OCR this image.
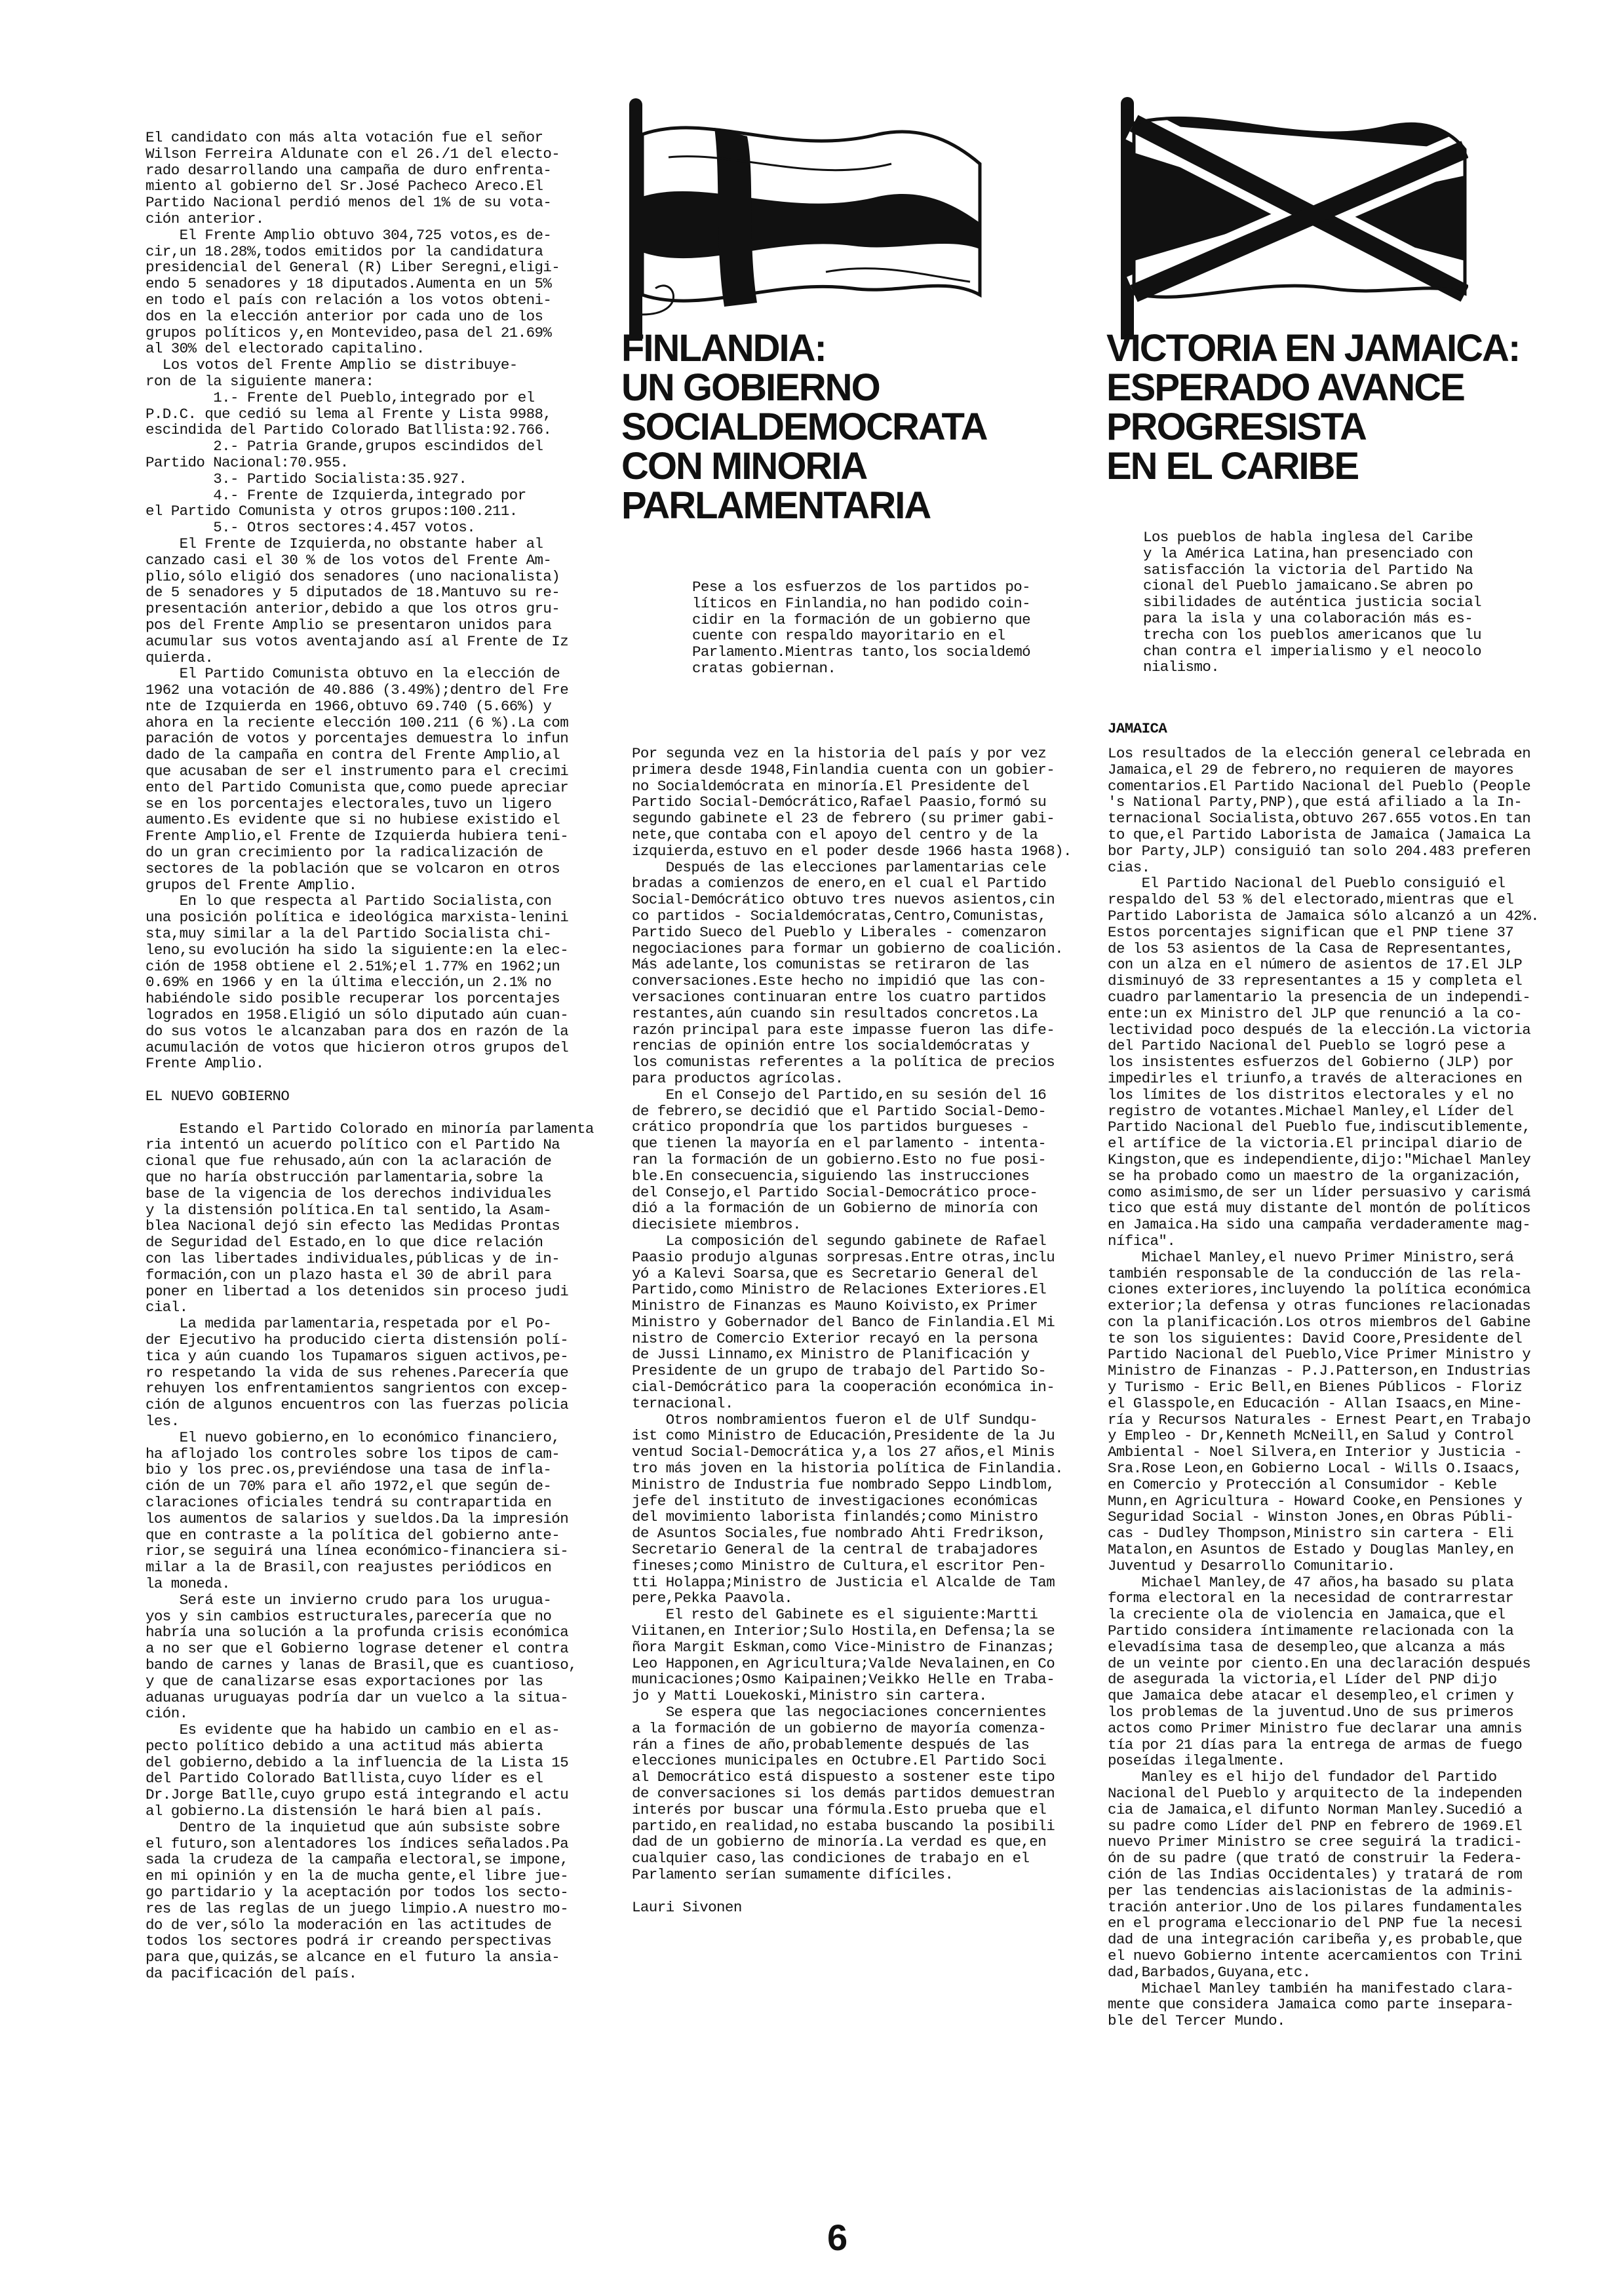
El candidato con más alta votación fue el señor

Wilson Ferreira Aldunate con el 26./1 del electo-

rado desarrollando una campaña de duro enfrenta-

miento al gobierno del Sr.José Pacheco Areco.El

Partido Nacional perdió menos del 1% de su vota-

ción anterior.

El Frente Amplio obtuvo 304,725 votos,es de-

cir,un 18.28%,todos emitidos por la candidatura

presidencial del General (R) Liber Seregni,eligi-

endo 5 senadores y 18 diputados.Aumenta en un 5%

en todo el país con relación a los votos obteni-

dos en la elección anterior por cada uno de los

grupos políticos y,en Montevideo,pasa del 21.69%

al 30% del electorado capitalino.

Los votos del Frente Amplio se distribuye-

ron de la siguiente manera:

1.- Frente del Pueblo,integrado por el

P.D.C. que cedió su lema al Frente y Lista 9988,

escindida del Partido Colorado Batllista:92.766.

2.- Patria Grande,grupos escindidos del

Partido Nacional:70.955.

3.- Partido Socialista:35.927.

4.- Frente de Izquierda,integrado por

el Partido Comunista y otros grupos:100.211.

5.- Otros sectores:4.457 votos.

El Frente de Izquierda,no obstante haber al

canzado casi el 30 % de los votos del Frente Am-

plio,sólo eligió dos senadores (uno nacionalista)

de 5 senadores y 5 diputados de 18.Mantuvo su re-

presentación anterior,debido a que los otros gru-

pos del Frente Amplio se presentaron unidos para

acumular sus votos aventajando así al Frente de Iz

quierda.

El Partido Comunista obtuvo en la elección de

1962 una votación de 40.886 (3.49%);dentro del Fre

nte de Izquierda en 1966,obtuvo 69.740 (5.66%) y

ahora en la reciente elección 100.211 (6 %).La com

paración de votos y porcentajes demuestra lo infun

dado de la campaña en contra del Frente Amplio,al

que acusaban de ser el instrumento para el crecimi

ento del Partido Comunista que,como puede apreciar

se en los porcentajes electorales,tuvo un ligero

aumento.Es evidente que si no hubiese existido el

Frente Amplio,el Frente de Izquierda hubiera teni-

do un gran crecimiento por la radicalización de

sectores de la población que se volcaron en otros

grupos del Frente Amplio.

En lo que respecta al Partido Socialista,con

una posición política e ideológica marxista-lenini

sta,muy similar a la del Partido Socialista chi-

leno,su evolución ha sido la siguiente:en la elec-

ción de 1958 obtiene el 2.51%;el 1.77% en 1962;un

0.69% en 1966 y en la última elección,un 2.1% no

habiéndole sido posible recuperar los porcentajes

logrados en 1958.Eligió un sólo diputado aún cuan-

do sus votos le alcanzaban para dos en razón de la

acumulación de votos que hicieron otros grupos del

Frente Amplio.

EL NUEVO GOBIERNO

Estando el Partido Colorado en minoría parlamenta

ria intentó un acuerdo político con el Partido Na

cional que fue rehusado,aún con la aclaración de

que no haría obstrucción parlamentaria,sobre la

base de la vigencia de los derechos individuales

y la distensión política.En tal sentido,la Asam-

blea Nacional dejó sin efecto las Medidas Prontas

de Seguridad del Estado,en lo que dice relación

con las libertades individuales,públicas y de in-

formación,con un plazo hasta el 30 de abril para

poner en libertad a los detenidos sin proceso judi

cial.

La medida parlamentaria,respetada por el Po-

der Ejecutivo ha producido cierta distensión polí-

tica y aún cuando los Tupamaros siguen activos,pe-

ro respetando la vida de sus rehenes.Parecería que

rehuyen los enfrentamientos sangrientos con excep-

ción de algunos encuentros con las fuerzas policia

les.

El nuevo gobierno,en lo económico financiero,

ha aflojado los controles sobre los tipos de cam-

bio y los prec.os,previéndose una tasa de infla-

ción de un 70% para el año 1972,el que según de-

claraciones oficiales tendrá su contrapartida en

los aumentos de salarios y sueldos.Da la impresión

que en contraste a la política del gobierno ante-

rior,se seguirá una línea económico-financiera si-

milar a la de Brasil,con reajustes periódicos en

la moneda.

Será este un invierno crudo para los urugua-

yos y sin cambios estructurales,parecería que no

habría una solución a la profunda crisis económica

a no ser que el Gobierno lograse detener el contra

bando de carnes y lanas de Brasil,que es cuantioso,

y que de canalizarse esas exportaciones por las

aduanas uruguayas podría dar un vuelco a la situa-

ción.

Es evidente que ha habido un cambio en el as-

pecto político debido a una actitud más abierta

del gobierno,debido a la influencia de la Lista 15

del Partido Colorado Batllista,cuyo líder es el

Dr.Jorge Batlle,cuyo grupo está integrando el actu

al gobierno.La distensión le hará bien al país.

Dentro de la inquietud que aún subsiste sobre

el futuro,son alentadores los índices señalados.Pa

sada la crudeza de la campaña electoral,se impone,

en mi opinión y en la de mucha gente,el libre jue-

go partidario y la aceptación por todos los secto-

res de las reglas de un juego limpio.A nuestro mo-

do de ver,sólo la moderación en las actitudes de

todos los sectores podrá ir creando perspectivas

para que,quizás,se alcance en el futuro la ansia-

da pacificación del país.

FINLANDIA:

UN GOBIERNO

SOCIALDEMOCRATA

CON MINORIA

PARLAMENTARIA

Pese a los esfuerzos de los partidos po-

líticos en Finlandia,no han podido coin-

cidir en la formación de un gobierno que

cuente con respaldo mayoritario en el

Parlamento.Mientras tanto,los socialdemó

cratas gobiernan.

Por segunda vez en la historia del país y por vez

primera desde 1948,Finlandia cuenta con un gobier-

no Socialdemócrata en minoría.El Presidente del

Partido Social-Demócrático,Rafael Paasio,formó su

segundo gabinete el 23 de febrero (su primer gabi-

nete,que contaba con el apoyo del centro y de la

izquierda,estuvo en el poder desde 1966 hasta 1968).

Después de las elecciones parlamentarias cele

bradas a comienzos de enero,en el cual el Partido

Social-Demócrático obtuvo tres nuevos asientos,cin

co partidos - Socialdemócratas,Centro,Comunistas,

Partido Sueco del Pueblo y Liberales - comenzaron

negociaciones para formar un gobierno de coalición.

Más adelante,los comunistas se retiraron de las

conversaciones.Este hecho no impidió que las con-

versaciones continuaran entre los cuatro partidos

restantes,aún cuando sin resultados concretos.La

razón principal para este impasse fueron las dife-

rencias de opinión entre los socialdemócratas y

los comunistas referentes a la política de precios

para productos agrícolas.

En el Consejo del Partido,en su sesión del 16

de febrero,se decidió que el Partido Social-Demo-

crático propondría que los partidos burgueses -

que tienen la mayoría en el parlamento - intenta-

ran la formación de un gobierno.Esto no fue posi-

ble.En consecuencia,siguiendo las instrucciones

del Consejo,el Partido Social-Democrático proce-

dió a la formación de un Gobierno de minoría con

diecisiete miembros.

La composición del segundo gabinete de Rafael

Paasio produjo algunas sorpresas.Entre otras,inclu

yó a Kalevi Soarsa,que es Secretario General del

Partido,como Ministro de Relaciones Exteriores.El

Ministro de Finanzas es Mauno Koivisto,ex Primer

Ministro y Gobernador del Banco de Finlandia.El Mi

nistro de Comercio Exterior recayó en la persona

de Jussi Linnamo,ex Ministro de Planificación y

Presidente de un grupo de trabajo del Partido So-

cial-Demócrático para la cooperación económica in-

ternacional.

Otros nombramientos fueron el de Ulf Sundqu-

ist como Ministro de Educación,Presidente de la Ju

ventud Social-Democrática y,a los 27 años,el Minis

tro más joven en la historia política de Finlandia.

Ministro de Industria fue nombrado Seppo Lindblom,

jefe del instituto de investigaciones económicas

del movimiento laborista finlandés;como Ministro

de Asuntos Sociales,fue nombrado Ahti Fredrikson,

Secretario General de la central de trabajadores

fineses;como Ministro de Cultura,el escritor Pen-

tti Holappa;Ministro de Justicia el Alcalde de Tam

pere,Pekka Paavola.

El resto del Gabinete es el siguiente:Martti

Viitanen,en Interior;Sulo Hostila,en Defensa;la se

ñora Margit Eskman,como Vice-Ministro de Finanzas;

Leo Happonen,en Agricultura;Valde Nevalainen,en Co

municaciones;Osmo Kaipainen;Veikko Helle en Traba-

jo y Matti Louekoski,Ministro sin cartera.

Se espera que las negociaciones concernientes

a la formación de un gobierno de mayoría comenza-

rán a fines de año,probablemente después de las

elecciones municipales en Octubre.El Partido Soci

al Democrático está dispuesto a sostener este tipo

de conversaciones si los demás partidos demuestran

interés por buscar una fórmula.Esto prueba que el

partido,en realidad,no estaba buscando la posibili

dad de un gobierno de minoría.La verdad es que,en

cualquier caso,las condiciones de trabajo en el

Parlamento serían sumamente difíciles.

Lauri Sivonen

VICTORIA EN JAMAICA:

ESPERADO AVANCE

PROGRESISTA

EN EL CARIBE

Los pueblos de habla inglesa del Caribe

y la América Latina,han presenciado con

satisfacción la victoria del Partido Na

cional del Pueblo jamaicano.Se abren po

sibilidades de auténtica justicia social

para la isla y una colaboración más es-

trecha con los pueblos americanos que lu

chan contra el imperialismo y el neocolo

nialismo.

JAMAICA

Los resultados de la elección general celebrada en

Jamaica,el 29 de febrero,no requieren de mayores

comentarios.El Partido Nacional del Pueblo (People

's National Party,PNP),que está afiliado a la In-

ternacional Socialista,obtuvo 267.655 votos.En tan

to que,el Partido Laborista de Jamaica (Jamaica La

bor Party,JLP) consiguió tan solo 204.483 preferen

cias.

El Partido Nacional del Pueblo consiguió el

respaldo del 53 % del electorado,mientras que el

Partido Laborista de Jamaica sólo alcanzó a un 42%.

Estos porcentajes significan que el PNP tiene 37

de los 53 asientos de la Casa de Representantes,

con un alza en el número de asientos de 17.El JLP

disminuyó de 33 representantes a 15 y completa el

cuadro parlamentario la presencia de un independi-

ente:un ex Ministro del JLP que renunció a la co-

lectividad poco después de la elección.La victoria

del Partido Nacional del Pueblo se logró pese a

los insistentes esfuerzos del Gobierno (JLP) por

impedirles el triunfo,a través de alteraciones en

los límites de los distritos electorales y el no

registro de votantes.Michael Manley,el Líder del

Partido Nacional del Pueblo fue,indiscutiblemente,

el artífice de la victoria.El principal diario de

Kingston,que es independiente,dijo:"Michael Manley

se ha probado como un maestro de la organización,

como asimismo,de ser un líder persuasivo y carismá

tico que está muy distante del montón de políticos

en Jamaica.Ha sido una campaña verdaderamente mag-

nífica".

Michael Manley,el nuevo Primer Ministro,será

también responsable de la conducción de las rela-

ciones exteriores,incluyendo la política económica

exterior;la defensa y otras funciones relacionadas

con la planificación.Los otros miembros del Gabine

te son los siguientes: David Coore,Presidente del

Partido Nacional del Pueblo,Vice Primer Ministro y

Ministro de Finanzas - P.J.Patterson,en Industrias

y Turismo - Eric Bell,en Bienes Públicos - Floriz

el Glasspole,en Educación - Allan Isaacs,en Mine-

ría y Recursos Naturales - Ernest Peart,en Trabajo

y Empleo - Dr,Kenneth McNeill,en Salud y Control

Ambiental - Noel Silvera,en Interior y Justicia -

Sra.Rose Leon,en Gobierno Local - Wills O.Isaacs,

en Comercio y Protección al Consumidor - Keble

Munn,en Agricultura - Howard Cooke,en Pensiones y

Seguridad Social - Winston Jones,en Obras Públi-

cas - Dudley Thompson,Ministro sin cartera - Eli

Matalon,en Asuntos de Estado y Douglas Manley,en

Juventud y Desarrollo Comunitario.

Michael Manley,de 47 años,ha basado su plata

forma electoral en la necesidad de contrarrestar

la creciente ola de violencia en Jamaica,que el

Partido considera íntimamente relacionada con la

elevadísima tasa de desempleo,que alcanza a más

de un veinte por ciento.En una declaración después

de asegurada la victoria,el Líder del PNP dijo

que Jamaica debe atacar el desempleo,el crimen y

los problemas de la juventud.Uno de sus primeros

actos como Primer Ministro fue declarar una amnis

tía por 21 días para la entrega de armas de fuego

poseídas ilegalmente.

Manley es el hijo del fundador del Partido

Nacional del Pueblo y arquitecto de la independen

cia de Jamaica,el difunto Norman Manley.Sucedió a

su padre como Líder del PNP en febrero de 1969.El

nuevo Primer Ministro se cree seguirá la tradici-

ón de su padre (que trató de construir la Federa-

ción de las Indias Occidentales) y tratará de rom

per las tendencias aislacionistas de la adminis-

tración anterior.Uno de los pilares fundamentales

en el programa eleccionario del PNP fue la necesi

dad de una integración caribeña y,es probable,que

el nuevo Gobierno intente acercamientos con Trini

dad,Barbados,Guyana,etc.

Michael Manley también ha manifestado clara-

mente que considera Jamaica como parte insepara-

ble del Tercer Mundo.

6
